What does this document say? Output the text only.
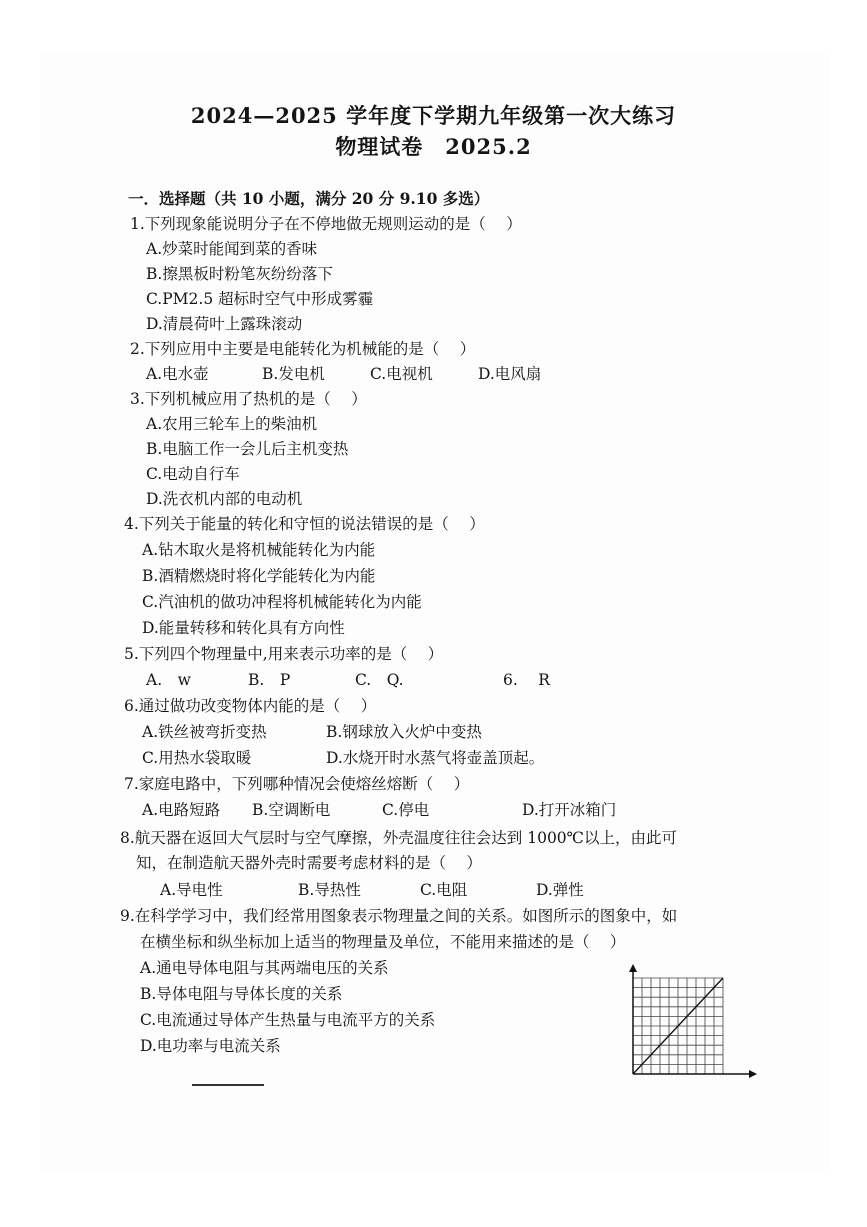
2024—2025 学年度下学期九年级第一次大练习
物理试卷　2025.2
一．选择题（共 10 小题，满分 20 分 9.10 多选）
1.下列现象能说明分子在不停地做无规则运动的是（　 ）
A.炒菜时能闻到菜的香味
B.擦黑板时粉笔灰纷纷落下
C.PM2.5 超标时空气中形成雾霾
D.清晨荷叶上露珠滚动
2.下列应用中主要是电能转化为机械能的是（　 ）
A.电水壶	B.发电机	C.电视机	D.电风扇
3.下列机械应用了热机的是（　 ）
A.农用三轮车上的柴油机
B.电脑工作一会儿后主机变热
C.电动自行车
D.洗衣机内部的电动机
4.下列关于能量的转化和守恒的说法错误的是（　 ）
A.钻木取火是将机械能转化为内能
B.酒精燃烧时将化学能转化为内能
C.汽油机的做功冲程将机械能转化为内能
D.能量转移和转化具有方向性
5.下列四个物理量中,用来表示功率的是（　 ）
A.　w	B.　P	C.　Q.	6.　 R
6.通过做功改变物体内能的是（　 ）
A.铁丝被弯折变热	B.钢球放入火炉中变热
C.用热水袋取暖	D.水烧开时水蒸气将壶盖顶起。
7.家庭电路中，下列哪种情况会使熔丝熔断（　 ）
A.电路短路 B.空调断电	C.停电	D.打开冰箱门
8.航天器在返回大气层时与空气摩擦，外壳温度往往会达到 1000℃以上，由此可
知，在制造航天器外壳时需要考虑材料的是（　 ）
A.导电性	B.导热性	C.电阻	D.弹性
9.在科学学习中，我们经常用图象表示物理量之间的关系。如图所示的图象中，如
在横坐标和纵坐标加上适当的物理量及单位，不能用来描述的是（　 ）
A.通电导体电阻与其两端电压的关系
B.导体电阻与导体长度的关系
C.电流通过导体产生热量与电流平方的关系
D.电功率与电流关系
